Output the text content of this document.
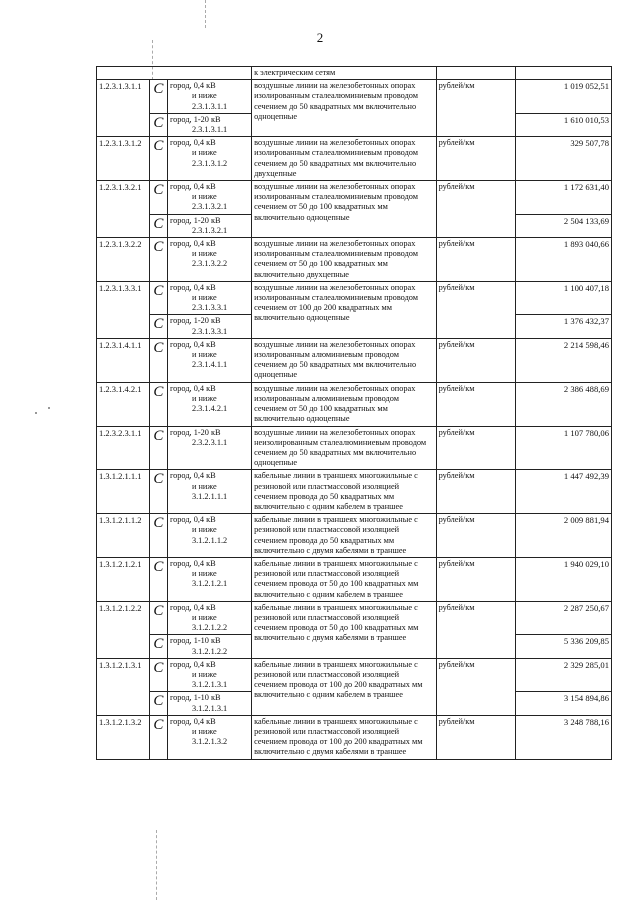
2
			к электрическим сетям		
1.2.3.1.3.1.1	С	город, 0,4 кВ
и ниже
2.3.1.3.1.1	воздушные линии на железобетонных опорах изолированным сталеалюминиевым проводом сечением до 50 квадратных мм включительно одноцепные	рублей/км	1 019 052,51

	С	город, 1-20 кВ
2.3.1.3.1.1			1 610 010,53
1.2.3.1.3.1.2	С	город, 0,4 кВ
и ниже
2.3.1.3.1.2	воздушные линии на железобетонных опорах изолированным сталеалюминиевым проводом сечением до 50 квадратных мм включительно двухцепные	рублей/км	329 507,78
1.2.3.1.3.2.1	С	город, 0,4 кВ
и ниже
2.3.1.3.2.1	воздушные линии на железобетонных опорах изолированным сталеалюминиевым проводом сечением от 50 до 100 квадратных мм включительно одноцепные	рублей/км	1 172 631,40

	С	город, 1-20 кВ
2.3.1.3.2.1			2 504 133,69
1.2.3.1.3.2.2	С	город, 0,4 кВ
и ниже
2.3.1.3.2.2	воздушные линии на железобетонных опорах изолированным сталеалюминиевым проводом сечением от 50 до 100 квадратных мм включительно двухцепные	рублей/км	1 893 040,66
1.2.3.1.3.3.1	С	город, 0,4 кВ
и ниже
2.3.1.3.3.1	воздушные линии на железобетонных опорах изолированным сталеалюминиевым проводом сечением от 100 до 200 квадратных мм включительно одноцепные	рублей/км	1 100 407,18

	С	город, 1-20 кВ
2.3.1.3.3.1			1 376 432,37
1.2.3.1.4.1.1	С	город, 0,4 кВ
и ниже
2.3.1.4.1.1	воздушные линии на железобетонных опорах изолированным алюминиевым проводом сечением до 50 квадратных мм включительно одноцепные	рублей/км	2 214 598,46
1.2.3.1.4.2.1	С	город, 0,4 кВ
и ниже
2.3.1.4.2.1	воздушные линии на железобетонных опорах изолированным алюминиевым проводом сечением от 50 до 100 квадратных мм включительно одноцепные	рублей/км	2 386 488,69
1.2.3.2.3.1.1	С	город, 1-20 кВ
2.3.2.3.1.1	воздушные линии на железобетонных опорах неизолированным сталеалюминиевым проводом сечением до 50 квадратных мм включительно одноцепные	рублей/км	1 107 780,06
1.3.1.2.1.1.1	С	город, 0,4 кВ
и ниже
3.1.2.1.1.1	кабельные линии в траншеях многожильные с резиновой или пластмассовой изоляцией сечением провода до 50 квадратных мм включительно с одним кабелем в траншее	рублей/км	1 447 492,39
1.3.1.2.1.1.2	С	город, 0,4 кВ
и ниже
3.1.2.1.1.2	кабельные линии в траншеях многожильные с резиновой или пластмассовой изоляцией сечением провода до 50 квадратных мм включительно с двумя кабелями в траншее	рублей/км	2 009 881,94
1.3.1.2.1.2.1	С	город, 0,4 кВ
и ниже
3.1.2.1.2.1	кабельные линии в траншеях многожильные с резиновой или пластмассовой изоляцией сечением провода от 50 до 100 квадратных мм включительно с одним кабелем в траншее	рублей/км	1 940 029,10
1.3.1.2.1.2.2	С	город, 0,4 кВ
и ниже
3.1.2.1.2.2	кабельные линии в траншеях многожильные с резиновой или пластмассовой изоляцией сечением провода от 50 до 100 квадратных мм включительно с двумя кабелями в траншее	рублей/км	2 287 250,67

	С	город, 1-10 кВ
3.1.2.1.2.2			5 336 209,85
1.3.1.2.1.3.1	С	город, 0,4 кВ
и ниже
3.1.2.1.3.1	кабельные линии в траншеях многожильные с резиновой или пластмассовой изоляцией сечением провода от 100 до 200 квадратных мм включительно с одним кабелем в траншее	рублей/км	2 329 285,01

	С	город, 1-10 кВ
3.1.2.1.3.1			3 154 894,86
1.3.1.2.1.3.2	С	город, 0,4 кВ
и ниже
3.1.2.1.3.2	кабельные линии в траншеях многожильные с резиновой или пластмассовой изоляцией сечением провода от 100 до 200 квадратных мм включительно с двумя кабелями в траншее	рублей/км	3 248 788,16
